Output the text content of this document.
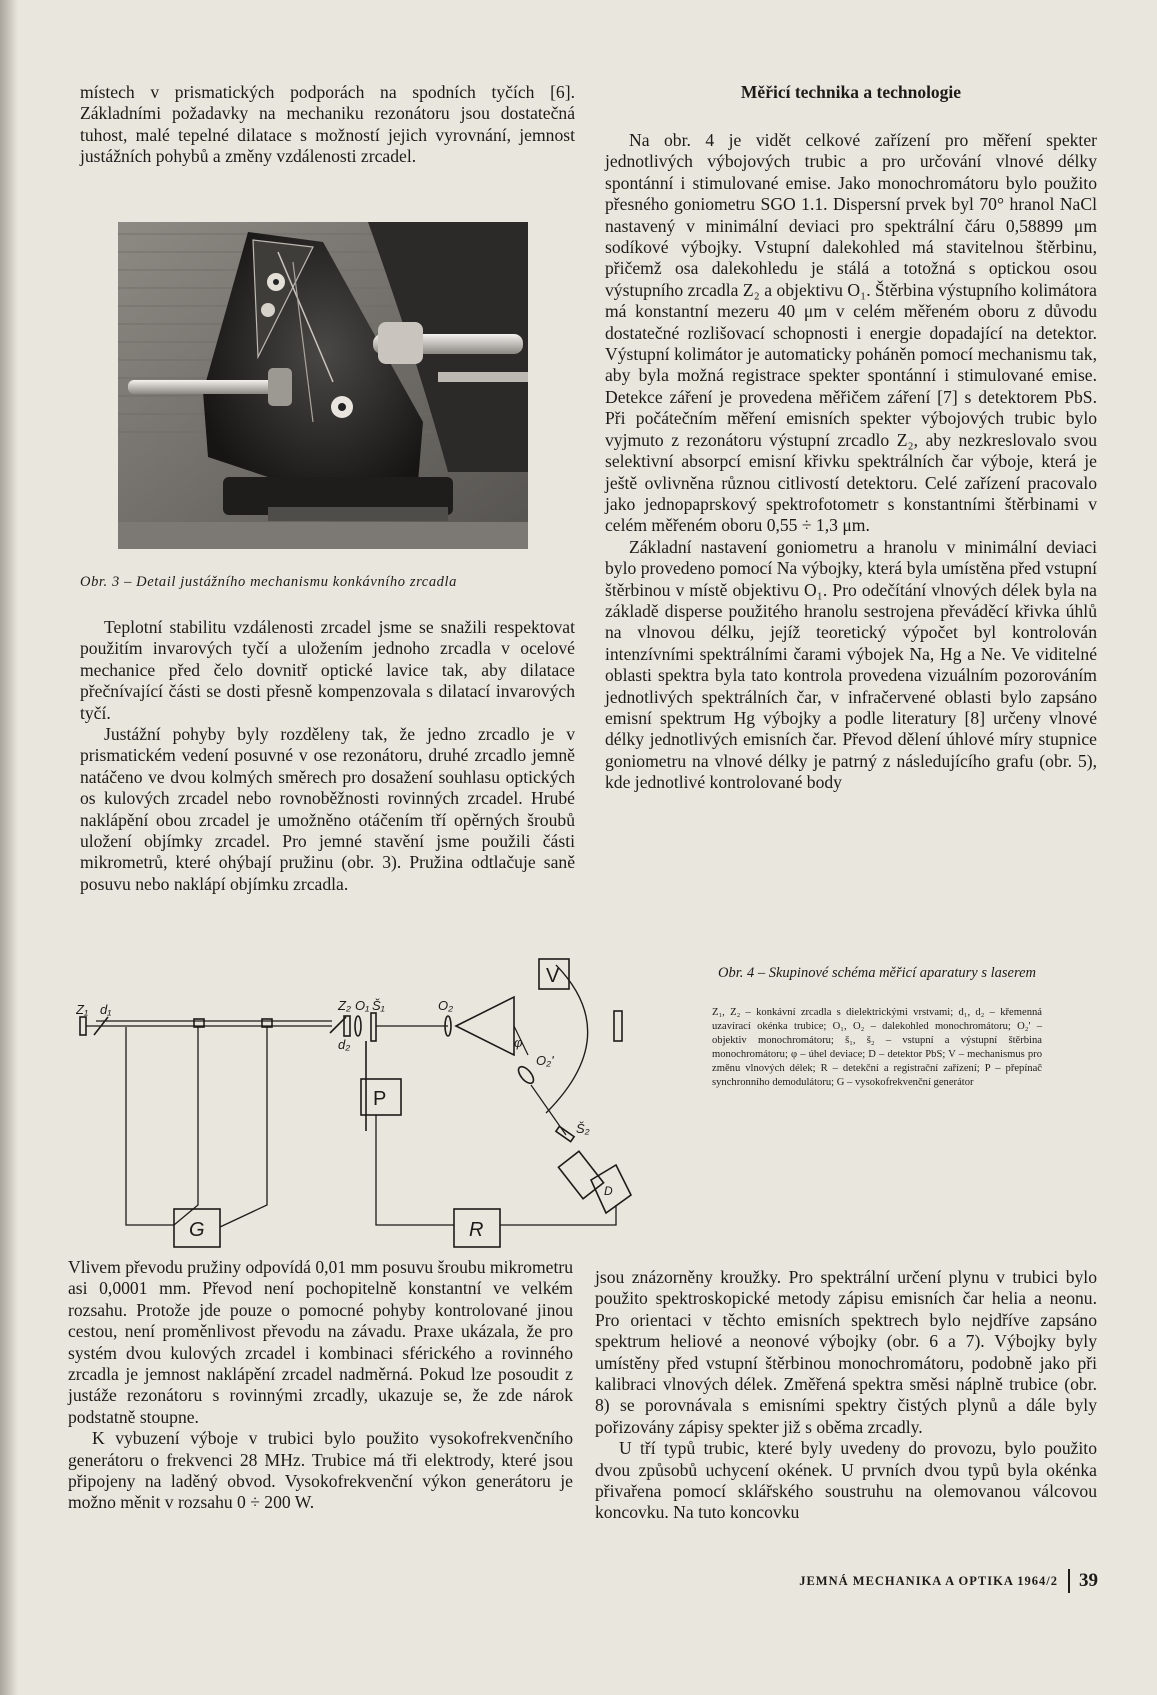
místech v prismatických podporách na spodních tyčích [6]. Základními požadavky na mechaniku rezonátoru jsou dostatečná tuhost, malé tepelné dilatace s možností jejich vyrovnání, jemnost justážních pohybů a změny vzdálenosti zrcadel.

Obr. 3 – Detail justážního mechanismu konkávního zrcadla

Teplotní stabilitu vzdálenosti zrcadel jsme se snažili respektovat použitím invarových tyčí a uložením jednoho zrcadla v ocelové mechanice před čelo dovnitř optické lavice tak, aby dilatace přečnívající části se dosti přesně kompenzovala s dilatací invarových tyčí.

Justážní pohyby byly rozděleny tak, že jedno zrcadlo je v prismatickém vedení posuvné v ose rezonátoru, druhé zrcadlo jemně natáčeno ve dvou kolmých směrech pro dosažení souhlasu optických os kulových zrcadel nebo rovnoběžnosti rovinných zrcadel. Hrubé naklápění obou zrcadel je umožněno otáčením tří opěrných šroubů uložení objímky zrcadel. Pro jemné stavění jsme použili části mikrometrů, které ohýbají pružinu (obr. 3). Pružina odtlačuje saně posuvu nebo naklápí objímku zrcadla.

Měřicí technika a technologie

Na obr. 4 je vidět celkové zařízení pro měření spekter jednotlivých výbojových trubic a pro určování vlnové délky spontánní i stimulované emise. Jako monochromátoru bylo použito přesného goniometru SGO 1.1. Dispersní prvek byl 70° hranol NaCl nastavený v minimální deviaci pro spektrální čáru 0,58899 μm sodíkové výbojky. Vstupní dalekohled má stavitelnou štěrbinu, přičemž osa dalekohledu je stálá a totožná s optickou osou výstupního zrcadla Z₂ a objektivu O₁. Štěrbina výstupního kolimátora má konstantní mezeru 40 μm v celém měřeném oboru z důvodu dostatečné rozlišovací schopnosti i energie dopadající na detektor. Výstupní kolimátor je automaticky poháněn pomocí mechanismu tak, aby byla možná registrace spekter spontánní i stimulované emise. Detekce záření je provedena měřičem záření [7] s detektorem PbS. Při počátečním měření emisních spekter výbojových trubic bylo vyjmuto z rezonátoru výstupní zrcadlo Z₂, aby nezkreslovalo svou selektivní absorpcí emisní křivku spektrálních čar výboje, která je ještě ovlivněna různou citlivostí detektoru. Celé zařízení pracovalo jako jednopaprskový spektrofotometr s konstantními štěrbinami v celém měřeném oboru 0,55 ÷ 1,3 μm.

Základní nastavení goniometru a hranolu v minimální deviaci bylo provedeno pomocí Na výbojky, která byla umístěna před vstupní štěrbinou v místě objektivu O₁. Pro odečítání vlnových délek byla na základě disperse použitého hranolu sestrojena převáděcí křivka úhlů na vlnovou délku, jejíž teoretický výpočet byl kontrolován intenzívními spektrálními čarami výbojek Na, Hg a Ne. Ve viditelné oblasti spektra byla tato kontrola provedena vizuálním pozorováním jednotlivých spektrálních čar, v infračervené oblasti bylo zapsáno emisní spektrum Hg výbojky a podle literatury [8] určeny vlnové délky jednotlivých emisních čar. Převod dělení úhlové míry stupnice goniometru na vlnové délky je patrný z následujícího grafu (obr. 5), kde jednotlivé kontrolované body

Z₁ d₁
d₂
Z₂ O₁ Š₁	O₂
φ
O₂'
Š₂
D
V
P
G	R
Obr. 4 – Skupinové schéma měřicí aparatury s laserem
Z₁, Z₂ – konkávní zrcadla s dielektrickými vrstvami; d₁, d₂ – křemenná uzavírací okénka trubice; O₁, O₂ – dalekohled monochromátoru; O₂' – objektiv monochromátoru; š₁, š₂ – vstupní a výstupní štěrbina monochromátoru; φ – úhel deviace; D – detektor PbS; V – mechanismus pro změnu vlnových délek; R – detekční a registrační zařízení; P – přepínač synchronního demodulátoru; G – vysokofrekvenční generátor

Vlivem převodu pružiny odpovídá 0,01 mm posuvu šroubu mikrometru asi 0,0001 mm. Převod není pochopitelně konstantní ve velkém rozsahu. Protože jde pouze o pomocné pohyby kontrolované jinou cestou, není proměnlivost převodu na závadu. Praxe ukázala, že pro systém dvou kulových zrcadel i kombinaci sférického a rovinného zrcadla je jemnost naklápění zrcadel nadměrná. Pokud lze posoudit z justáže rezonátoru s rovinnými zrcadly, ukazuje se, že zde nárok podstatně stoupne.

K vybuzení výboje v trubici bylo použito vysokofrekvenčního generátoru o frekvenci 28 MHz. Trubice má tři elektrody, které jsou připojeny na laděný obvod. Vysokofrekvenční výkon generátoru je možno měnit v rozsahu 0 ÷ 200 W.

jsou znázorněny kroužky. Pro spektrální určení plynu v trubici bylo použito spektroskopické metody zápisu emisních čar helia a neonu. Pro orientaci v těchto emisních spektrech bylo nejdříve zapsáno spektrum heliové a neonové výbojky (obr. 6 a 7). Výbojky byly umístěny před vstupní štěrbinou monochromátoru, podobně jako při kalibraci vlnových délek. Změřená spektra směsi náplně trubice (obr. 8) se porovnávala s emisními spektry čistých plynů a dále byly pořizovány zápisy spekter již s oběma zrcadly.

U tří typů trubic, které byly uvedeny do provozu, bylo použito dvou způsobů uchycení okének. U prvních dvou typů byla okénka přivařena pomocí sklářského soustruhu na olemovanou válcovou koncovku. Na tuto koncovku

JEMNÁ MECHANIKA A OPTIKA 1964/2 39
